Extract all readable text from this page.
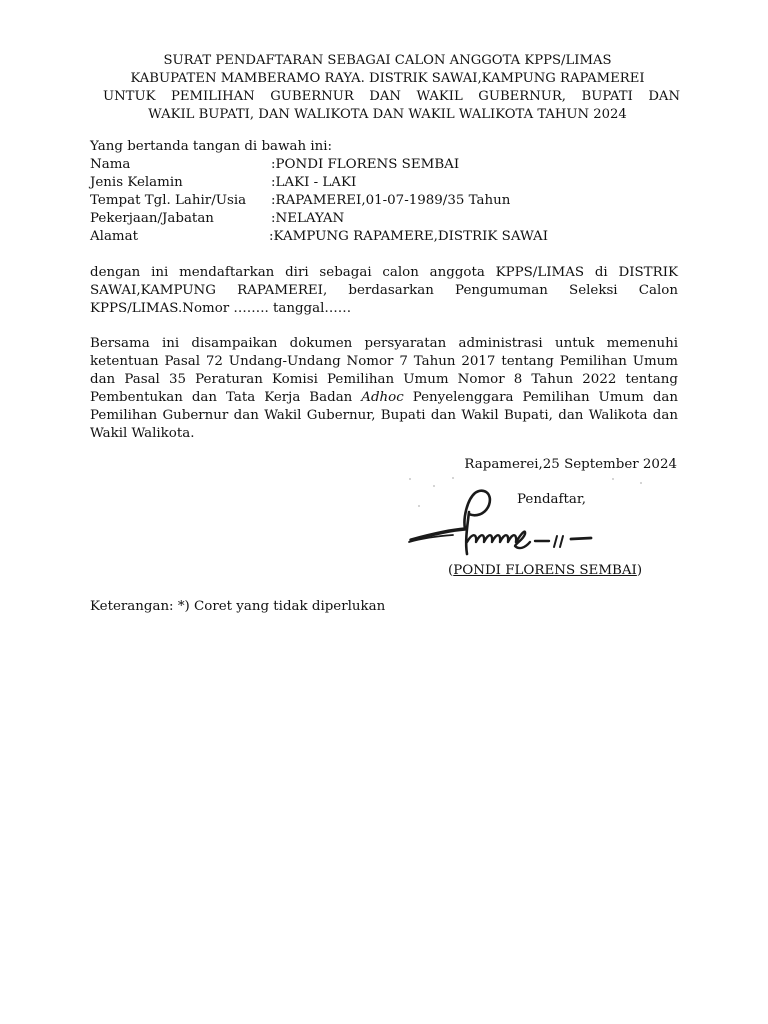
SURAT PENDAFTARAN SEBAGAI CALON ANGGOTA KPPS/LIMAS
KABUPATEN MAMBERAMO RAYA. DISTRIK SAWAI,KAMPUNG RAPAMEREI
UNTUK PEMILIHAN GUBERNUR DAN WAKIL GUBERNUR, BUPATI DAN
WAKIL BUPATI, DAN WALIKOTA DAN WAKIL WALIKOTA TAHUN 2024
Yang bertanda tangan di bawah ini:
Nama	:PONDI FLORENS SEMBAI
Jenis Kelamin	:LAKI - LAKI
Tempat Tgl. Lahir/Usia :RAPAMEREI,01-07-1989/35 Tahun
Pekerjaan/Jabatan	:NELAYAN
Alamat	:KAMPUNG RAPAMERE,DISTRIK SAWAI

dengan ini mendaftarkan diri sebagai calon anggota KPPS/LIMAS di DISTRIK SAWAI,KAMPUNG RAPAMEREI, berdasarkan Pengumuman Seleksi Calon KPPS/LIMAS.Nomor …….. tanggal……

Bersama ini disampaikan dokumen persyaratan administrasi untuk memenuhi ketentuan Pasal 72 Undang-Undang Nomor 7 Tahun 2017 tentang Pemilihan Umum dan Pasal 35 Peraturan Komisi Pemilihan Umum Nomor 8 Tahun 2022 tentang Pembentukan dan Tata Kerja Badan Adhoc Penyelenggara Pemilihan Umum dan Pemilihan Gubernur dan Wakil Gubernur, Bupati dan Wakil Bupati, dan Walikota dan Wakil Walikota.

Rapamerei,25 September 2024
Pendaftar,
(PONDI FLORENS SEMBAI)
Keterangan: *) Coret yang tidak diperlukan
